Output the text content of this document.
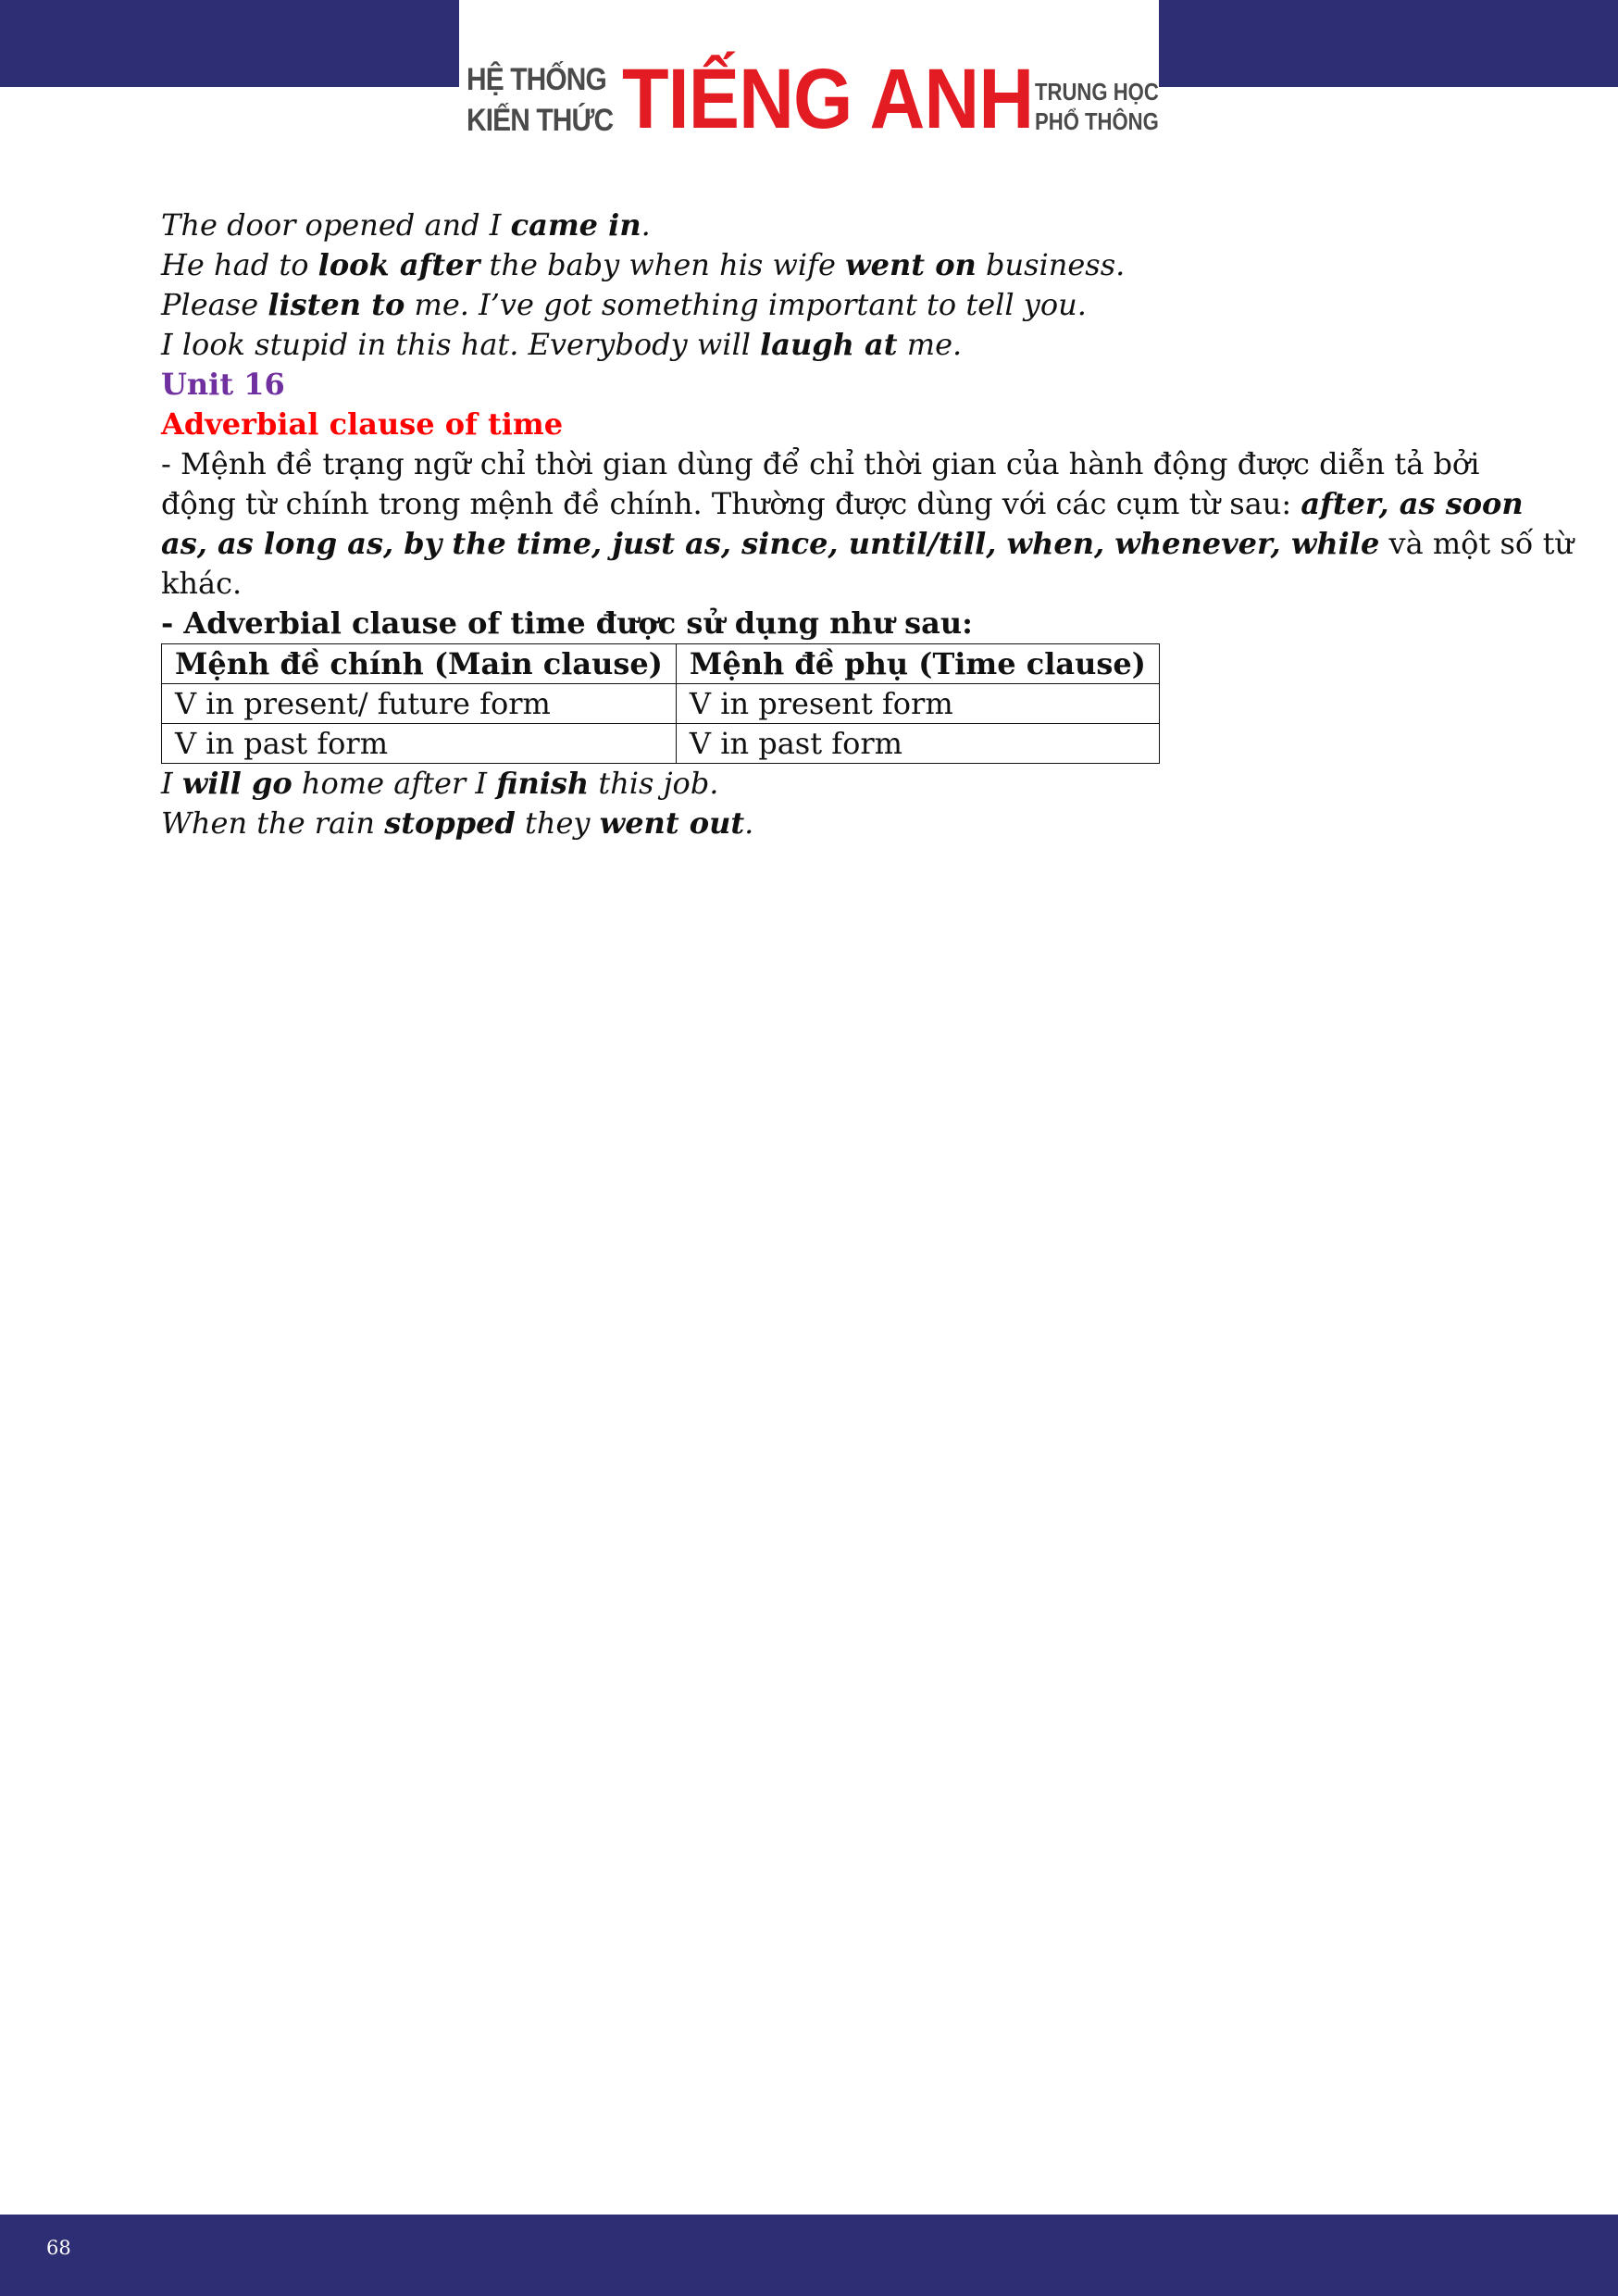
HỆ THỐNG
KIẾN THỨC TIẾNG ANH TRUNG HỌC
PHỔ THÔNG
The door opened and I came in.
He had to look after the baby when his wife went on business.
Please listen to me. I’ve got something important to tell you.
I look stupid in this hat. Everybody will laugh at me.
Unit 16
Adverbial clause of time
- Mệnh đề trạng ngữ chỉ thời gian dùng để chỉ thời gian của hành động được diễn tả bởi
động từ chính trong mệnh đề chính. Thường được dùng với các cụm từ sau: after, as soon
as, as long as, by the time, just as, since, until/till, when, whenever, while và một số từ
khác.
- Adverbial clause of time được sử dụng như sau:
Mệnh đề chính (Main clause)	Mệnh đề phụ (Time clause)
V in present/ future form	V in present form
V in past form	V in past form
I will go home after I finish this job.
When the rain stopped they went out.
68
